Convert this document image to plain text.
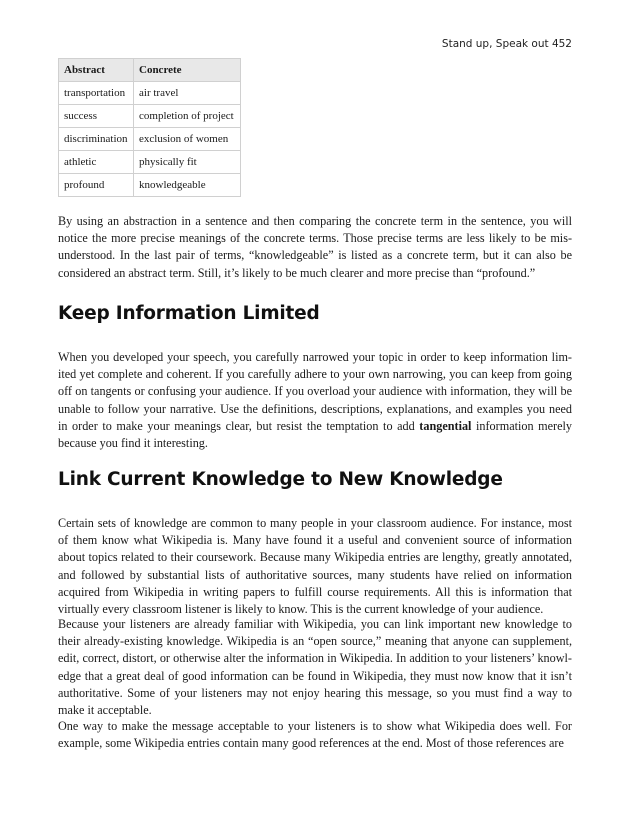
Stand up, Speak out 452
Abstract	Concrete
transportation	air travel
success	completion of project
discrimination	exclusion of women
athletic	physically fit
profound	knowledgeable

By using an abstraction in a sentence and then comparing the concrete term in the sentence, you will notice the more precise meanings of the concrete terms. Those precise terms are less likely to be mis-understood. In the last pair of terms, “knowledgeable” is listed as a concrete term, but it can also be considered an abstract term. Still, it’s likely to be much clearer and more precise than “profound.”

Keep Information Limited

When you developed your speech, you carefully narrowed your topic in order to keep information lim-ited yet complete and coherent. If you carefully adhere to your own narrowing, you can keep from going off on tangents or confusing your audience. If you overload your audience with information, they will be unable to follow your narrative. Use the definitions, descriptions, explanations, and examples you need in order to make your meanings clear, but resist the temptation to add tangential information merely because you find it interesting.

Link Current Knowledge to New Knowledge

Certain sets of knowledge are common to many people in your classroom audience. For instance, most of them know what Wikipedia is. Many have found it a useful and convenient source of information about topics related to their coursework. Because many Wikipedia entries are lengthy, greatly annotated, and followed by substantial lists of authoritative sources, many students have relied on information acquired from Wikipedia in writing papers to fulfill course requirements. All this is information that virtually every classroom listener is likely to know. This is the current knowledge of your audience.

Because your listeners are already familiar with Wikipedia, you can link important new knowledge to their already-existing knowledge. Wikipedia is an “open source,” meaning that anyone can supplement, edit, correct, distort, or otherwise alter the information in Wikipedia. In addition to your listeners’ knowl-edge that a great deal of good information can be found in Wikipedia, they must now know that it isn’t authoritative. Some of your listeners may not enjoy hearing this message, so you must find a way to make it acceptable.

One way to make the message acceptable to your listeners is to show what Wikipedia does well. For example, some Wikipedia entries contain many good references at the end. Most of those references are
